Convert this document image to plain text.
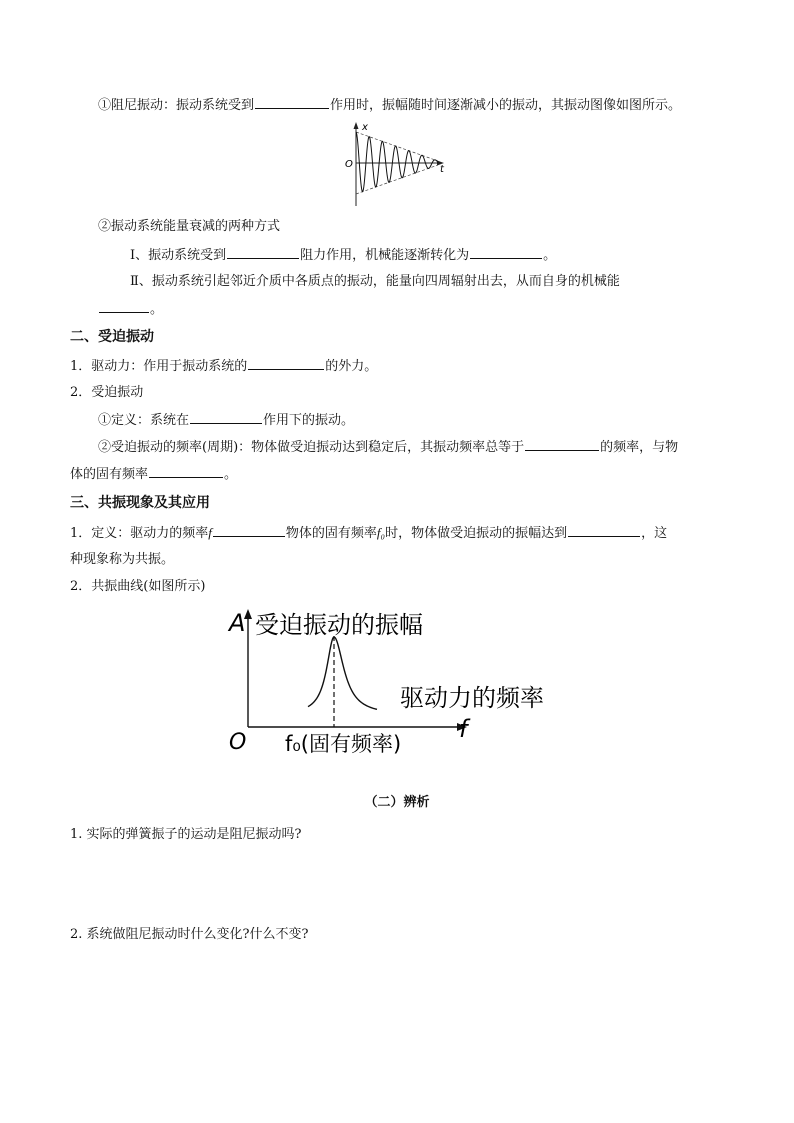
①阻尼振动：振动系统受到	作用时，振幅随时间逐渐减小的振动，其振动图像如图所示。
x
t
O
②振动系统能量衰减的两种方式
Ⅰ、振动系统受到	阻力作用，机械能逐渐转化为	。
Ⅱ、振动系统引起邻近介质中各质点的振动，能量向四周辐射出去，从而自身的机械能
。
二、受迫振动
1．驱动力：作用于振动系统的	的外力。
2．受迫振动
①定义：系统在	作用下的振动。
②受迫振动的频率(周期)：物体做受迫振动达到稳定后，其振动频率总等于	的频率，与物
体的固有频率	。
三、共振现象及其应用
1．定义：驱动力的频率f	物体的固有频率f₀时，物体做受迫振动的振幅达到	，这
种现象称为共振。
2．共振曲线(如图所示)
A 受迫振动的振幅
驱动力的频率
f
O f₀(固有频率)
（二）辨析
1. 实际的弹簧振子的运动是阻尼振动吗?
2. 系统做阻尼振动时什么变化?什么不变?
